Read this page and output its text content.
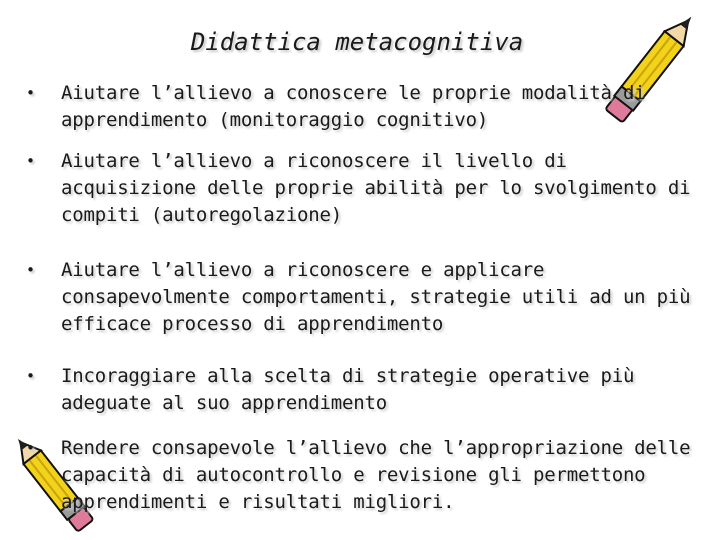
Didattica metacognitiva
•	Aiutare l’allievo a conoscere le proprie modalità di apprendimento (monitoraggio cognitivo)
•	Aiutare l’allievo a riconoscere il livello di acquisizione delle proprie abilità per lo svolgimento di compiti (autoregolazione)
•	Aiutare l’allievo a riconoscere e applicare consapevolmente comportamenti, strategie utili ad un più efficace processo di apprendimento
•	Incoraggiare alla scelta di strategie operative più adeguate al suo apprendimento
•	Rendere consapevole l’allievo che l’appropriazione delle capacità di autocontrollo e revisione gli permettono apprendimenti e risultati migliori.
